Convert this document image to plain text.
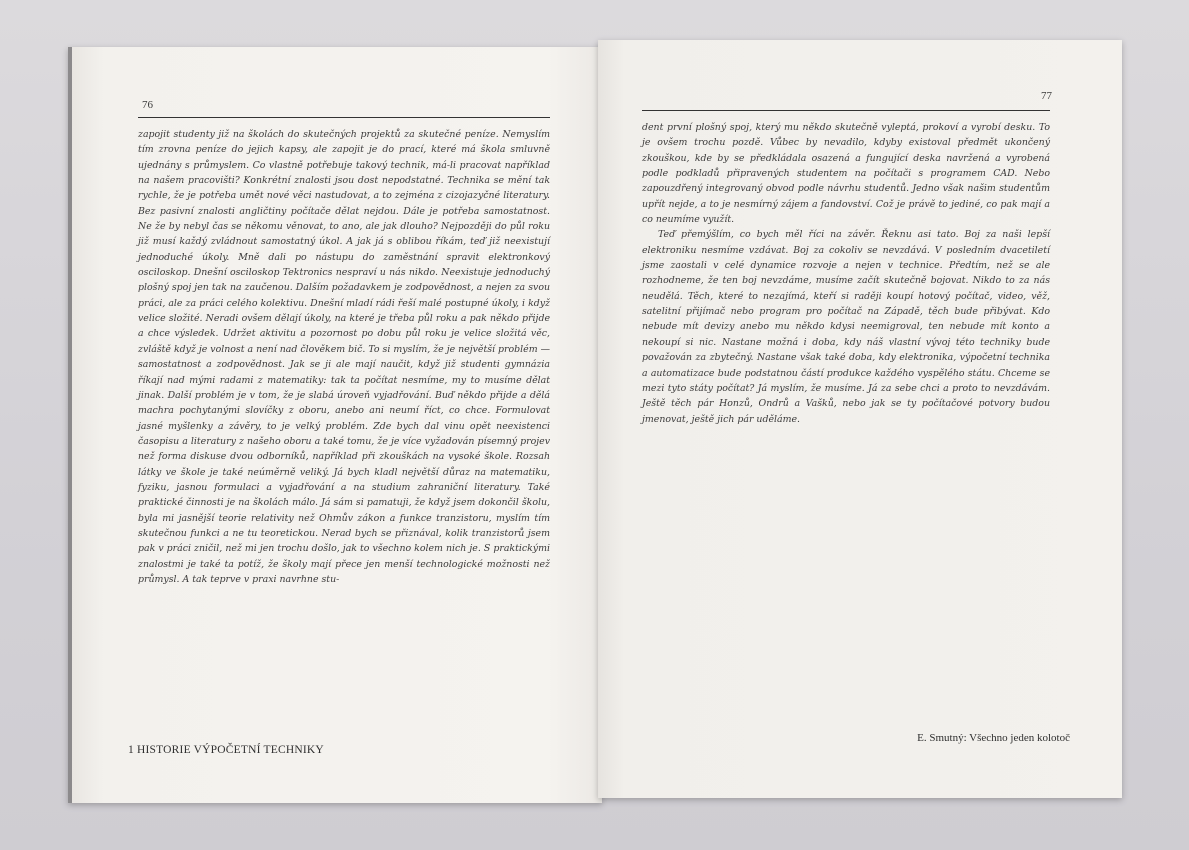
76

zapojit studenty již na školách do skutečných projektů za skutečné peníze. Nemyslím tím zrovna peníze do jejich kapsy, ale zapojit je do prací, které má škola smluvně ujednány s průmyslem. Co vlastně potřebuje takový technik, má-li pracovat například na našem pracovišti? Konkrétní znalosti jsou dost nepodstatné. Technika se mění tak rychle, že je potřeba umět nové věci nastudovat, a to zejména z cizojazyčné literatury. Bez pasivní znalosti angličtiny počítače dělat nejdou. Dále je potřeba samostatnost. Ne že by nebyl čas se někomu věnovat, to ano, ale jak dlouho? Nejpozději do půl roku již musí každý zvládnout samostatný úkol. A jak já s oblibou říkám, teď již neexistují jednoduché úkoly. Mně dali po nástupu do zaměstnání spravit elektronkový osciloskop. Dnešní osciloskop Tektronics nespraví u nás nikdo. Neexistuje jednoduchý plošný spoj jen tak na zaučenou. Dalším požadavkem je zodpovědnost, a nejen za svou práci, ale za práci celého kolektivu. Dnešní mladí rádi řeší malé postupné úkoly, i když velice složité. Neradi ovšem dělají úkoly, na které je třeba půl roku a pak někdo přijde a chce výsledek. Udržet aktivitu a pozornost po dobu půl roku je velice složitá věc, zvláště když je volnost a není nad člověkem bič. To si myslím, že je největší problém — samostatnost a zodpovědnost. Jak se ji ale mají naučit, když již studenti gymnázia říkají nad mými radami z matematiky: tak ta počítat nesmíme, my to musíme dělat jinak. Další problém je v tom, že je slabá úroveň vyjadřování. Buď někdo přijde a dělá machra pochytanými slovíčky z oboru, anebo ani neumí říct, co chce. Formulovat jasné myšlenky a závěry, to je velký problém. Zde bych dal vinu opět neexistenci časopisu a literatury z našeho oboru a také tomu, že je více vyžadován písemný projev než forma diskuse dvou odborníků, například při zkouškách na vysoké škole. Rozsah látky ve škole je také neúměrně veliký. Já bych kladl největší důraz na matematiku, fyziku, jasnou formulaci a vyjadřování a na studium zahraniční literatury. Také praktické činnosti je na školách málo. Já sám si pamatuji, že když jsem dokončil školu, byla mi jasnější teorie relativity než Ohmův zákon a funkce tranzistoru, myslím tím skutečnou funkci a ne tu teoretickou. Nerad bych se přiznával, kolik tranzistorů jsem pak v práci zničil, než mi jen trochu došlo, jak to všechno kolem nich je. S praktickými znalostmi je také ta potíž, že školy mají přece jen menší technologické možnosti než průmysl. A tak teprve v praxi navrhne stu-

1 HISTORIE VÝPOČETNÍ TECHNIKY
77

dent první plošný spoj, který mu někdo skutečně vyleptá, prokoví a vyrobí desku. To je ovšem trochu pozdě. Vůbec by nevadilo, kdyby existoval předmět ukončený zkouškou, kde by se předkládala osazená a fungující deska navržená a vyrobená podle podkladů připravených studentem na počítači s programem CAD. Nebo zapouzdřený integrovaný obvod podle návrhu studentů. Jedno však našim studentům upřít nejde, a to je nesmírný zájem a fandovství. Což je právě to jediné, co pak mají a co neumíme využít.

Teď přemýšlím, co bych měl říci na závěr. Řeknu asi tato. Boj za naši lepší elektroniku nesmíme vzdávat. Boj za cokoliv se nevzdává. V posledním dvacetiletí jsme zaostali v celé dynamice rozvoje a nejen v technice. Předtím, než se ale rozhodneme, že ten boj nevzdáme, musíme začít skutečně bojovat. Nikdo to za nás neudělá. Těch, které to nezajímá, kteří si raději koupí hotový počítač, video, věž, satelitní přijímač nebo program pro počítač na Západě, těch bude přibývat. Kdo nebude mít devizy anebo mu někdo kdysi neemigroval, ten nebude mít konto a nekoupí si nic. Nastane možná i doba, kdy náš vlastní vývoj této techniky bude považován za zbytečný. Nastane však také doba, kdy elektronika, výpočetní technika a automatizace bude podstatnou částí produkce každého vyspělého státu. Chceme se mezi tyto státy počítat? Já myslím, že musíme. Já za sebe chci a proto to nevzdávám. Ještě těch pár Honzů, Ondrů a Vašků, nebo jak se ty počítačové potvory budou jmenovat, ještě jich pár uděláme.

E. Smutný: Všechno jeden kolotoč
